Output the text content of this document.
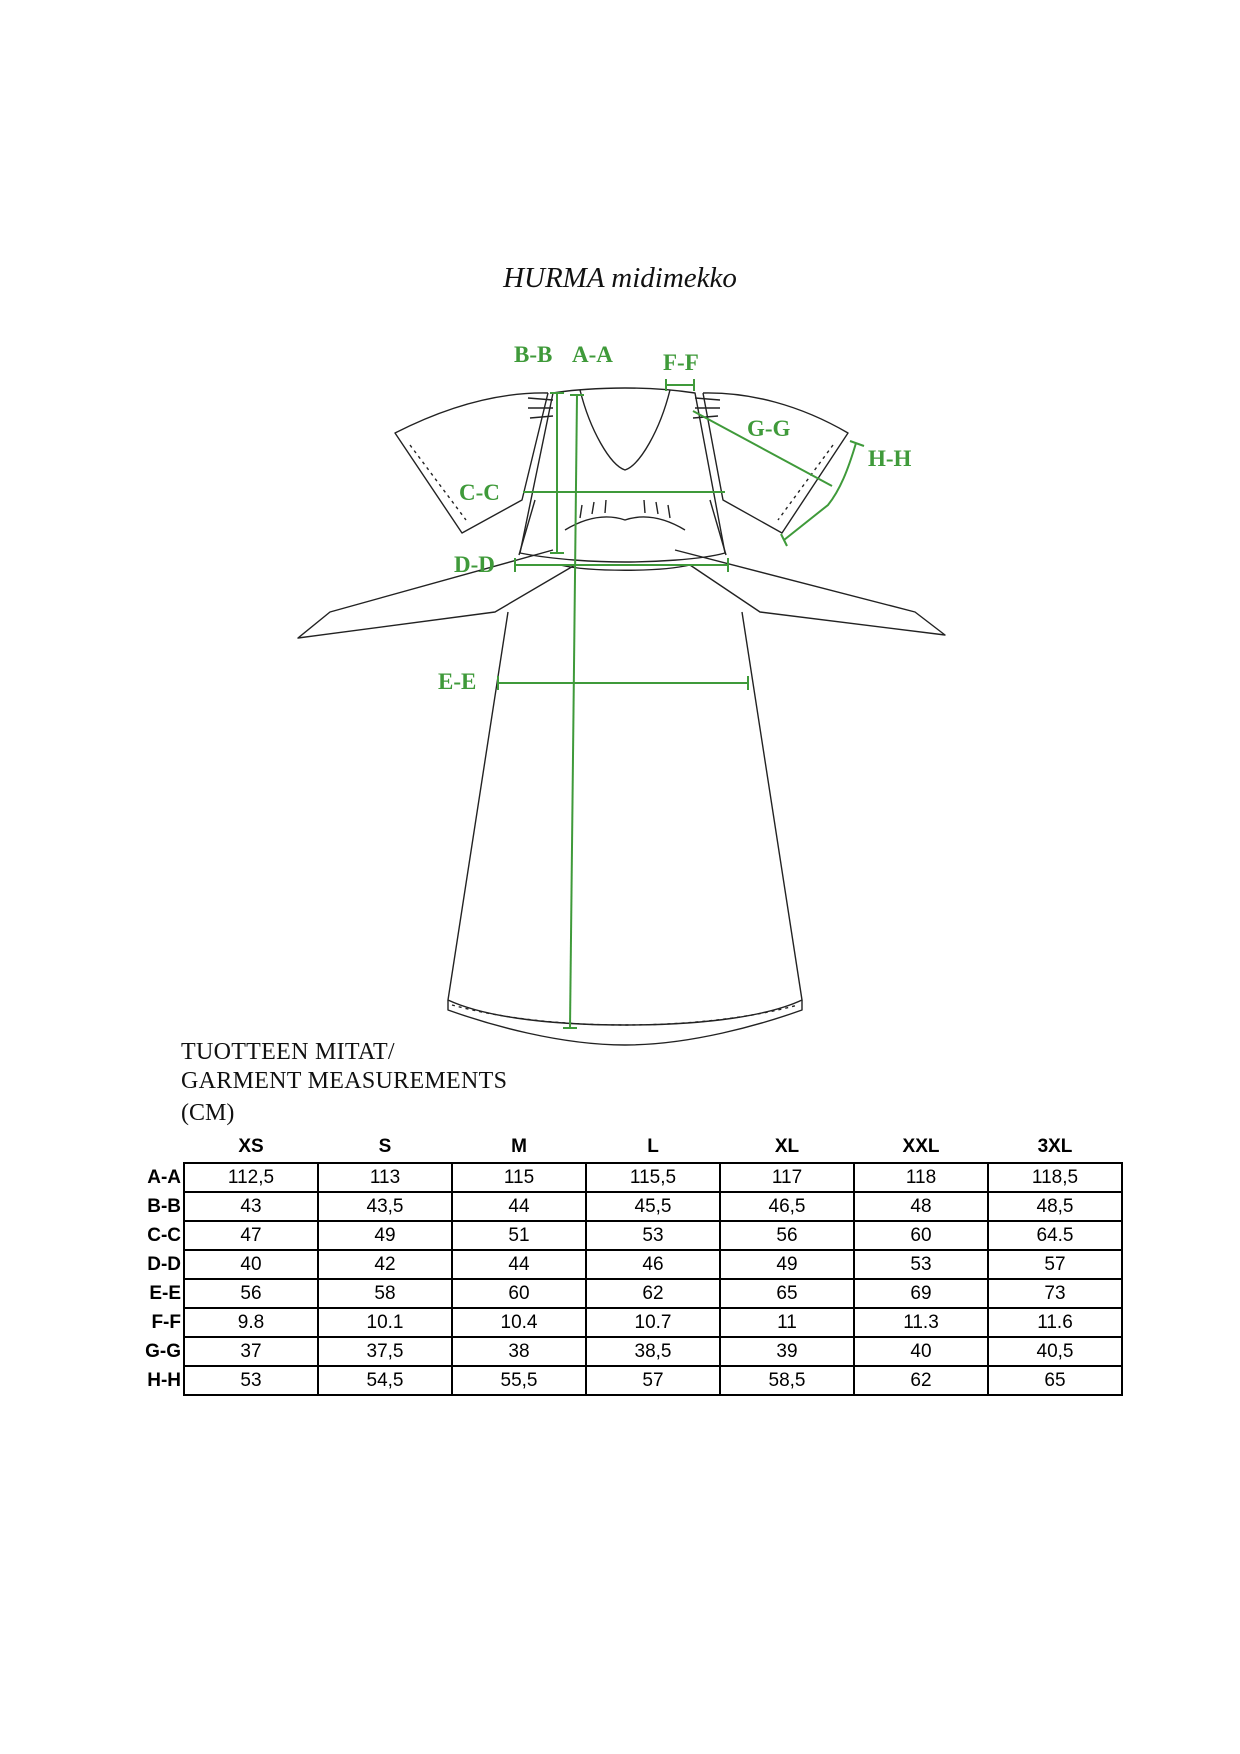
HURMA midimekko
B-B A-A F-F
G-G
H-H
C-C
D-D
E-E
TUOTTEEN MITAT/
GARMENT MEASUREMENTS
(CM)
	XS	S	M	L	XL	XXL	3XL
A-A	112,5	113	115	115,5	117	118	118,5
B-B	43	43,5	44	45,5	46,5	48	48,5
C-C	47	49	51	53	56	60	64.5
D-D	40	42	44	46	49	53	57
E-E	56	58	60	62	65	69	73
F-F	9.8	10.1	10.4	10.7	11	11.3	11.6
G-G	37	37,5	38	38,5	39	40	40,5
H-H	53	54,5	55,5	57	58,5	62	65
